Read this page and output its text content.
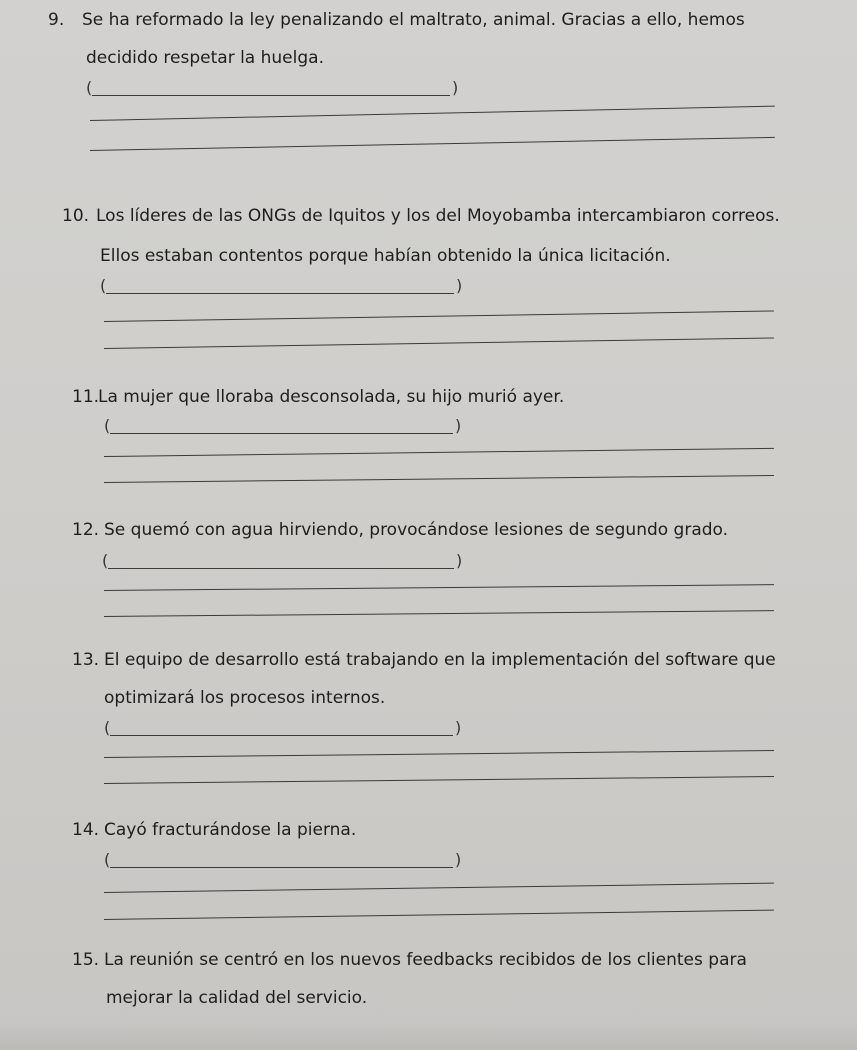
9. Se ha reformado la ley penalizando el maltrato, animal. Gracias a ello, hemos
decidido respetar la huelga.
(	)
10. Los líderes de las ONGs de Iquitos y los del Moyobamba intercambiaron correos.
Ellos estaban contentos porque habían obtenido la única licitación.
(	)
11.
La mujer que lloraba desconsolada, su hijo murió ayer.
(	)
12. Se quemó con agua hirviendo, provocándose lesiones de segundo grado.
(	)
13. El equipo de desarrollo está trabajando en la implementación del software que
optimizará los procesos internos.
(	)
14. Cayó fracturándose la pierna.
(	)
15. La reunión se centró en los nuevos feedbacks recibidos de los clientes para
mejorar la calidad del servicio.
